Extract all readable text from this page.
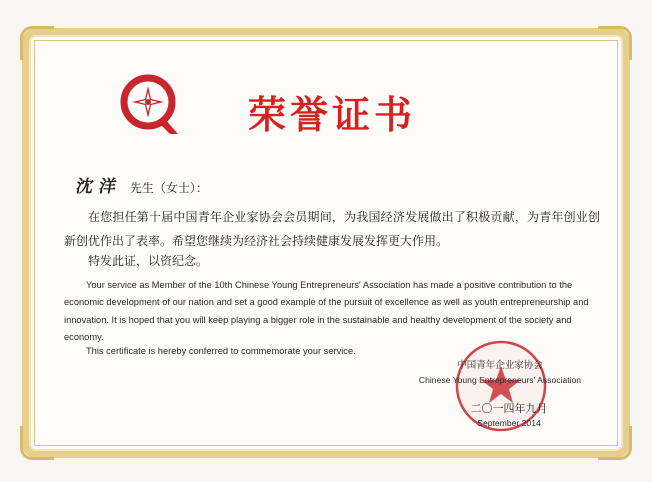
荣誉证书
沈洋 先生（女士）：

在您担任第十届中国青年企业家协会会员期间，为我国经济发展做出了积极贡献，为青年创业创新创优作出了表率。希望您继续为经济社会持续健康发展发挥更大作用。

特发此证，以资纪念。

Your service as Member of the 10th Chinese Young Entrepreneurs' Association has made a positive contribution to the economic development of our nation and set a good example of the pursuit of excellence as well as youth entrepreneurship and innovation. It is hoped that you will keep playing a bigger role in the sustainable and healthy development of the society and economy.

This certificate is hereby conferred to commemorate your service.

中国青年企业家协会
Chinese Young Entrepreneurs' Association
二〇一四年九月
September 2014
